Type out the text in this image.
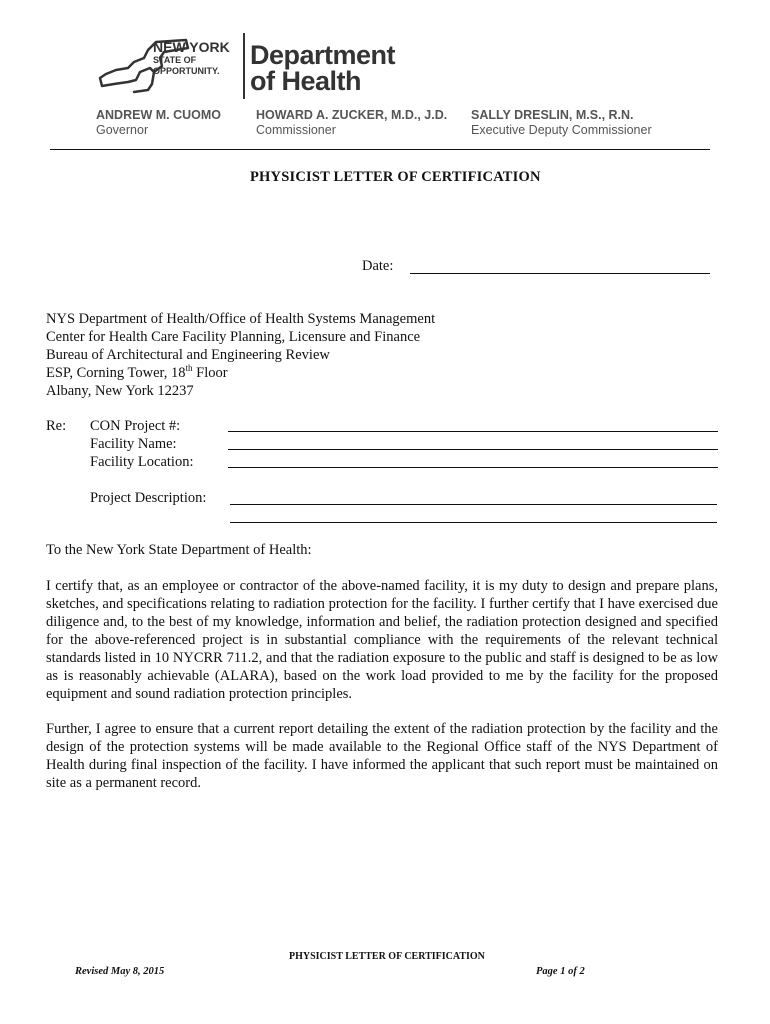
NEW YORK
STATE OF
OPPORTUNITY.
Department
of Health
ANDREW M. CUOMO
Governor
HOWARD A. ZUCKER, M.D., J.D.
Commissioner
SALLY DRESLIN, M.S., R.N.
Executive Deputy Commissioner
PHYSICIST LETTER OF CERTIFICATION
Date:
NYS Department of Health/Office of Health Systems Management
Center for Health Care Facility Planning, Licensure and Finance
Bureau of Architectural and Engineering Review
ESP, Corning Tower, 18th Floor
Albany, New York 12237
Re: CON Project #:
Facility Name:
Facility Location:
Project Description:
To the New York State Department of Health:
I certify that, as an employee or contractor of the above-named facility, it is my duty to design and prepare plans, sketches, and specifications relating to radiation protection for the facility. I further certify that I have exercised due diligence and, to the best of my knowledge, information and belief, the radiation protection designed and specified for the above-referenced project is in substantial compliance with the requirements of the relevant technical standards listed in 10 NYCRR 711.2, and that the radiation exposure to the public and staff is designed to be as low as is reasonably achievable (ALARA), based on the work load provided to me by the facility for the proposed equipment and sound radiation protection principles.
Further, I agree to ensure that a current report detailing the extent of the radiation protection by the facility and the design of the protection systems will be made available to the Regional Office staff of the NYS Department of Health during final inspection of the facility. I have informed the applicant that such report must be maintained on site as a permanent record.
PHYSICIST LETTER OF CERTIFICATION
Revised May 8, 2015	Page 1 of 2
